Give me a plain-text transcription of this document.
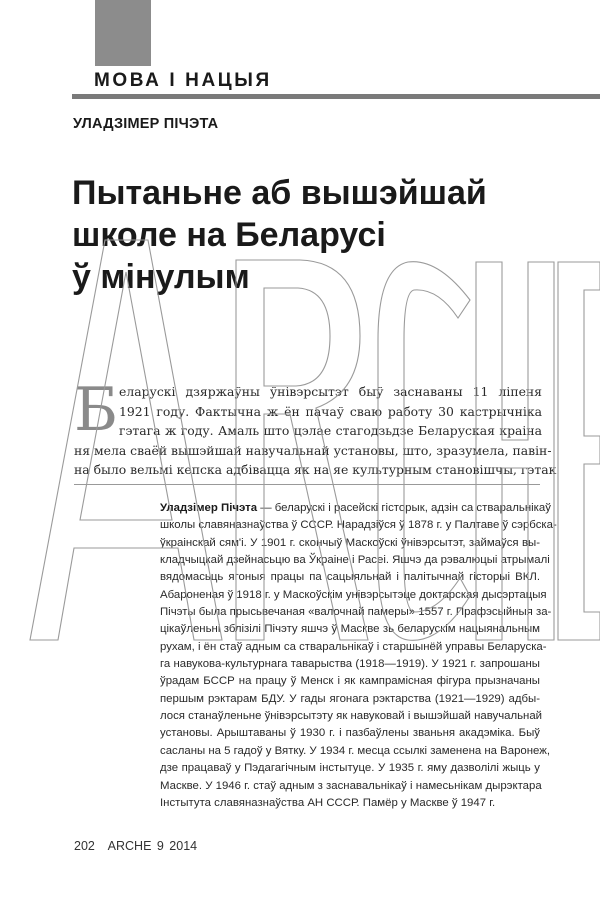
МОВА І НАЦЫЯ
УЛАДЗІМЕР ПІЧЭТА
Пытаньне аб вышэйшай
школе на Беларусі
ў мінулым
Б еларускі дзяржаўны ўнівэрсытэт быў заснаваны 11 ліпеня
1921 году. Фактычна ж ён пачаў сваю работу 30 кастрычніка
гэтага ж году. Амаль што цэлае стагодзьдзе Беларуская краіна
ня мела сваёй вышэйшай навучальнай установы, што, зразумела, павін-
на было вельмі кепска адбівацца як на яе культурным становішчы, гэтак
Уладзімер Пічэта — беларускі і расейскі гісторык, адзін са стваральнікаў
школы славяназнаўства ў СССР. Нарадзіўся ў 1878 г. у Палтаве ў сэрбска-
ўкраінскай сям'і. У 1901 г. скончыў Маскоўскі ўнівэрсытэт, займаўся вы-
кладчыцкай дзейнасьцю ва Ўкраіне і Расеі. Яшчэ да рэвалюцыі атрымалі
вядомасьць ягоныя працы па сацыяльнай і палітычнай гісторыі ВКЛ.
Абароненая ў 1918 г. у Маскоўскім унівэрсытэце доктарская дысэртацыя
Пічэты была прысьвечаная «валочнай памеры» 1557 г. Прафэсыйныя за-
цікаўленьні зблізілі Пічэту яшчэ ў Маскве зь беларускім нацыянальным
рухам, і ён стаў адным са стваральнікаў і старшынёй управы Беларуска-
га навукова-культурнага таварыства (1918—1919). У 1921 г. запрошаны
ўрадам БССР на працу ў Менск і як кампрамісная фігура прызначаны
першым рэктарам БДУ. У гады ягонага рэктарства (1921—1929) адбы-
лося станаўленьне ўнівэрсытэту як навуковай і вышэйшай навучальнай
установы. Арыштаваны ў 1930 г. і пазбаўлены званьня акадэміка. Быў
сасланы на 5 гадоў у Вятку. У 1934 г. месца ссылкі заменена на Варонеж,
дзе працаваў у Пэдагагічным інстытуце. У 1935 г. яму дазволілі жыць у
Маскве. У 1946 г. стаў адным з заснавальнікаў і намесьнікам дырэктара
Інстытута славяназнаўства АН СССР. Памёр у Маскве ў 1947 г.
202 ARCHE 9 2014
